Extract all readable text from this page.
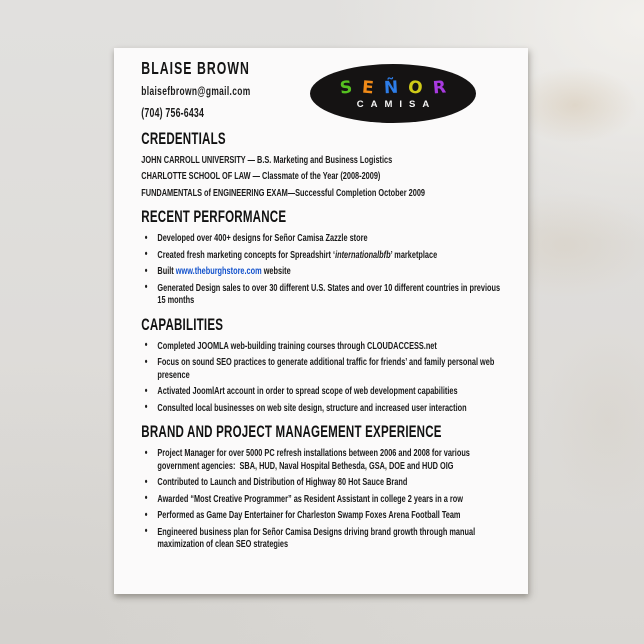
S E Ñ O R
CAMISA
BLAISE BROWN
blaisefbrown@gmail.com
(704) 756-6434
CREDENTIALS

JOHN CARROLL UNIVERSITY — B.S. Marketing and Business Logistics

CHARLOTTE SCHOOL OF LAW — Classmate of the Year (2008-2009)

FUNDAMENTALS of ENGINEERING EXAM—Successful Completion October 2009

RECENT PERFORMANCE
• Developed over 400+ designs for Señor Camisa Zazzle store
• Created fresh marketing concepts for Spreadshirt ‘internationalbfb’ marketplace
• Built www.theburghstore.com website
• Generated Design sales to over 30 different U.S. States and over 10 different countries in previous 15 months
CAPABILITIES
• Completed JOOMLA web-building training courses through CLOUDACCESS.net
• Focus on sound SEO practices to generate additional traffic for friends’ and family personal web presence
• Activated JoomlArt account in order to spread scope of web development capabilities
• Consulted local businesses on web site design, structure and increased user interaction
BRAND AND PROJECT MANAGEMENT EXPERIENCE
• Project Manager for over 5000 PC refresh installations between 2006 and 2008 for various government agencies:  SBA, HUD, Naval Hospital Bethesda, GSA, DOE and HUD OIG
• Contributed to Launch and Distribution of Highway 80 Hot Sauce Brand
• Awarded “Most Creative Programmer” as Resident Assistant in college 2 years in a row
• Performed as Game Day Entertainer for Charleston Swamp Foxes Arena Football Team
• Engineered business plan for Señor Camisa Designs driving brand growth through manual maximization of clean SEO strategies
